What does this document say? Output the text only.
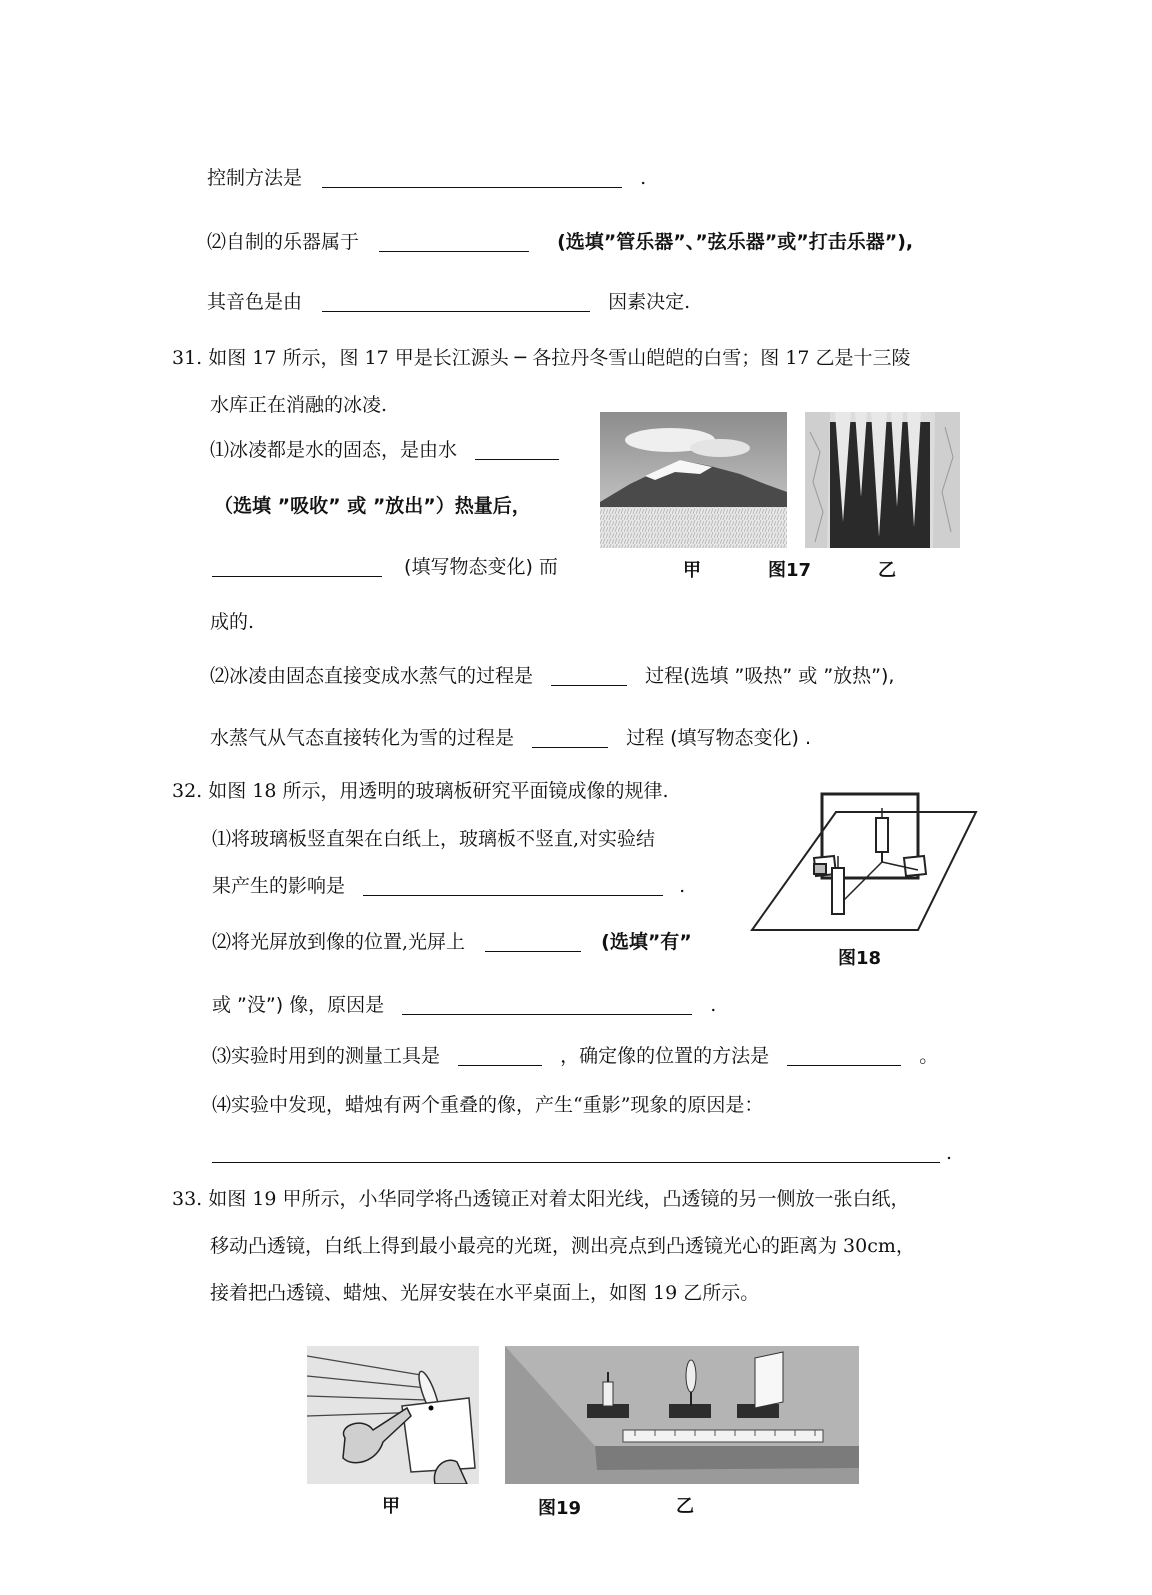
控制方法是	.
⑵自制的乐器属于	(选填”管乐器”、”弦乐器”或”打击乐器”),
其音色是由	因素决定.
31. 如图 17 所示，图 17 甲是长江源头 ─ 各拉丹冬雪山皑皑的白雪；图 17 乙是十三陵
水库正在消融的冰凌.
⑴冰凌都是水的固态，是由水
（选填 ”吸收” 或 ”放出”）热量后，
(填写物态变化) 而
成的.
⑵冰凌由固态直接变成水蒸气的过程是	过程(选填 ”吸热” 或 ”放热”),
水蒸气从气态直接转化为雪的过程是	过程 (填写物态变化) .
甲	图17	乙
32. 如图 18 所示，用透明的玻璃板研究平面镜成像的规律.
⑴将玻璃板竖直架在白纸上，玻璃板不竖直,对实验结
果产生的影响是	.
⑵将光屏放到像的位置,光屏上	(选填”有”
或 ”没”) 像，原因是	.
⑶实验时用到的测量工具是	，确定像的位置的方法是	。
⑷实验中发现，蜡烛有两个重叠的像，产生“重影”现象的原因是：
.
图18
33. 如图 19 甲所示，小华同学将凸透镜正对着太阳光线，凸透镜的另一侧放一张白纸，
移动凸透镜，白纸上得到最小最亮的光斑，测出亮点到凸透镜光心的距离为 30cm，
接着把凸透镜、蜡烛、光屏安装在水平桌面上，如图 19 乙所示。
甲	图19	乙
